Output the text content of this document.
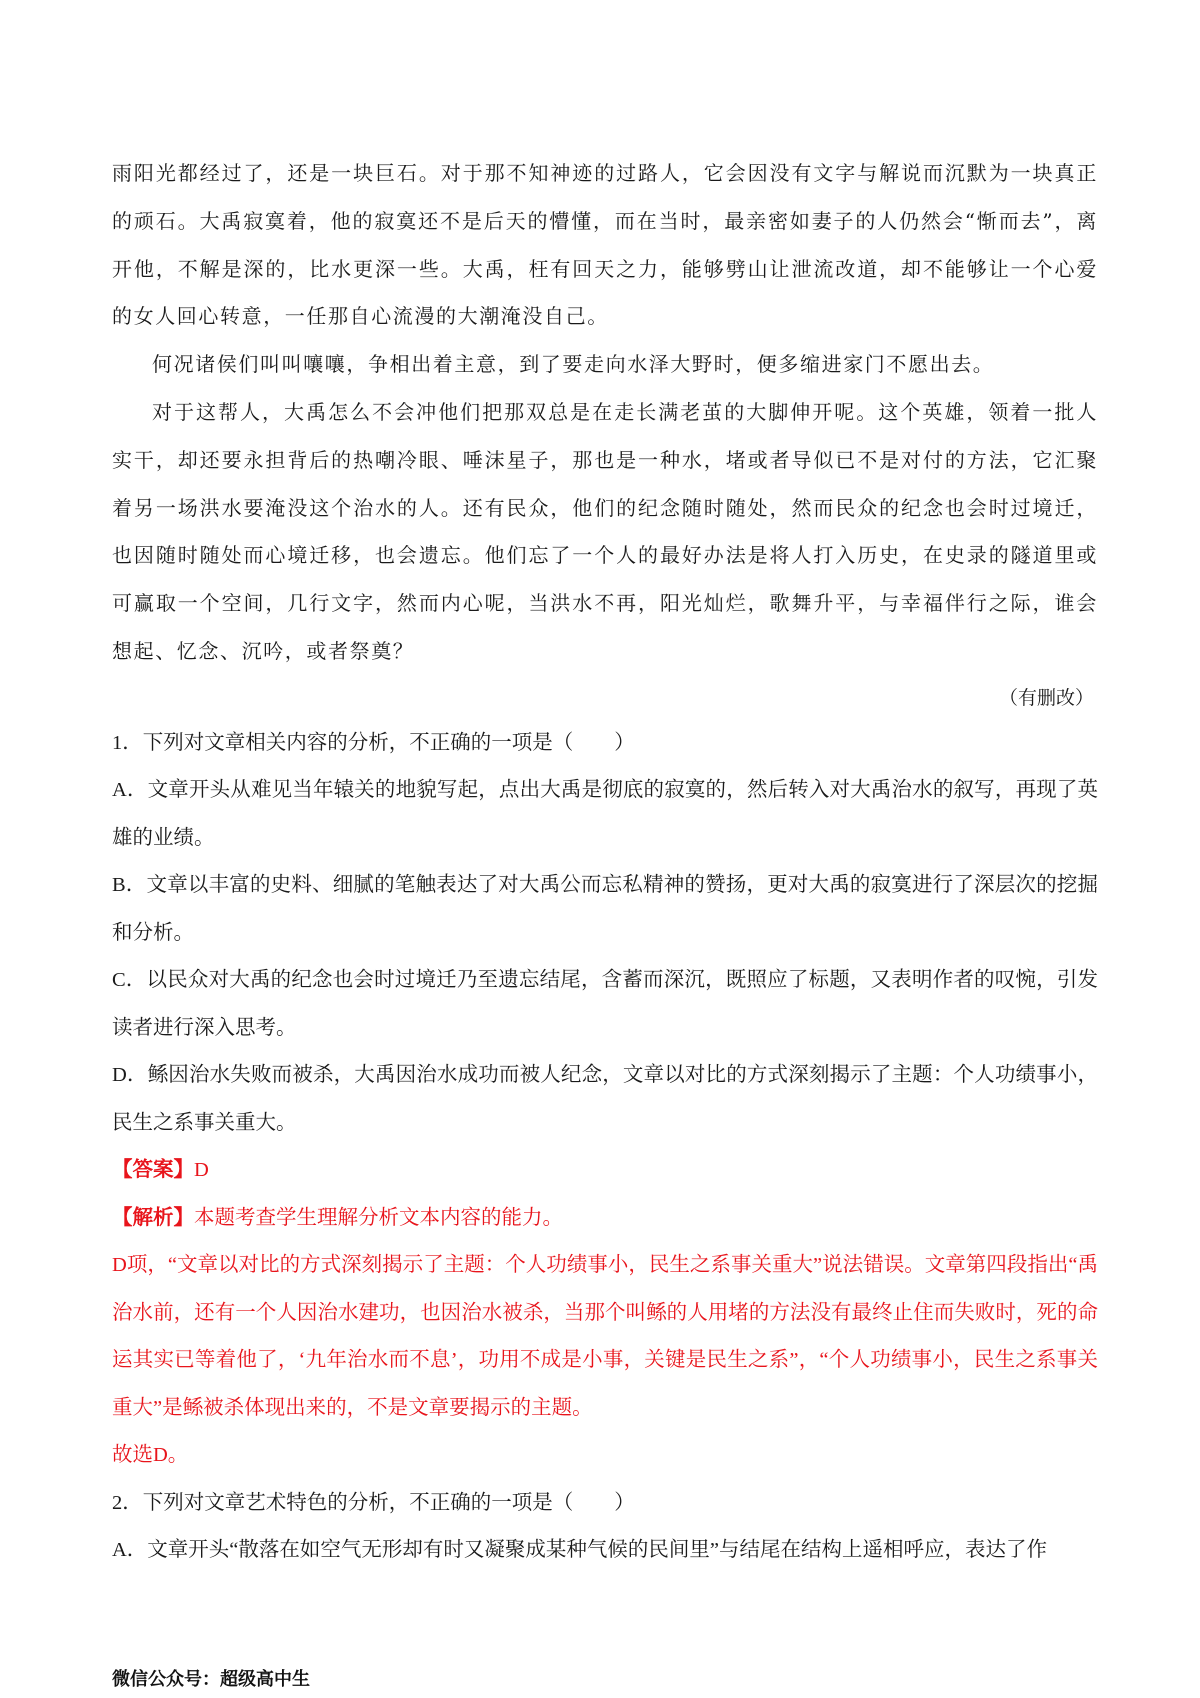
雨阳光都经过了，还是一块巨石。对于那不知神迹的过路人，它会因没有文字与解说而沉默为一块真正的顽石。大禹寂寞着，他的寂寞还不是后天的懵懂，而在当时，最亲密如妻子的人仍然会“惭而去”，离开他，不解是深的，比水更深一些。大禹，枉有回天之力，能够劈山让泄流改道，却不能够让一个心爱的女人回心转意，一任那自心流漫的大潮淹没自己。

何况诸侯们叫叫嚷嚷，争相出着主意，到了要走向水泽大野时，便多缩进家门不愿出去。

对于这帮人，大禹怎么不会冲他们把那双总是在走长满老茧的大脚伸开呢。这个英雄，领着一批人实干，却还要永担背后的热嘲冷眼、唾沫星子，那也是一种水，堵或者导似已不是对付的方法，它汇聚着另一场洪水要淹没这个治水的人。还有民众，他们的纪念随时随处，然而民众的纪念也会时过境迁，也因随时随处而心境迁移，也会遗忘。他们忘了一个人的最好办法是将人打入历史，在史录的隧道里或可赢取一个空间，几行文字，然而内心呢，当洪水不再，阳光灿烂，歌舞升平，与幸福伴行之际，谁会想起、忆念、沉吟，或者祭奠？

（有删改）

1．下列对文章相关内容的分析，不正确的一项是（　　）

A．文章开头从难见当年辕关的地貌写起，点出大禹是彻底的寂寞的，然后转入对大禹治水的叙写，再现了英雄的业绩。

B．文章以丰富的史料、细腻的笔触表达了对大禹公而忘私精神的赞扬，更对大禹的寂寞进行了深层次的挖掘和分析。

C．以民众对大禹的纪念也会时过境迁乃至遗忘结尾，含蓄而深沉，既照应了标题，又表明作者的叹惋，引发读者进行深入思考。

D．鲧因治水失败而被杀，大禹因治水成功而被人纪念，文章以对比的方式深刻揭示了主题：个人功绩事小，民生之系事关重大。

【答案】D

【解析】本题考查学生理解分析文本内容的能力。

D项，“文章以对比的方式深刻揭示了主题：个人功绩事小，民生之系事关重大”说法错误。文章第四段指出“禹治水前，还有一个人因治水建功，也因治水被杀，当那个叫鲧的人用堵的方法没有最终止住而失败时，死的命运其实已等着他了，‘九年治水而不息’，功用不成是小事，关键是民生之系”，“个人功绩事小，民生之系事关重大”是鲧被杀体现出来的，不是文章要揭示的主题。

故选D。

2．下列对文章艺术特色的分析，不正确的一项是（　　）

A．文章开头“散落在如空气无形却有时又凝聚成某种气候的民间里”与结尾在结构上遥相呼应，表达了作

微信公众号：超级高中生
